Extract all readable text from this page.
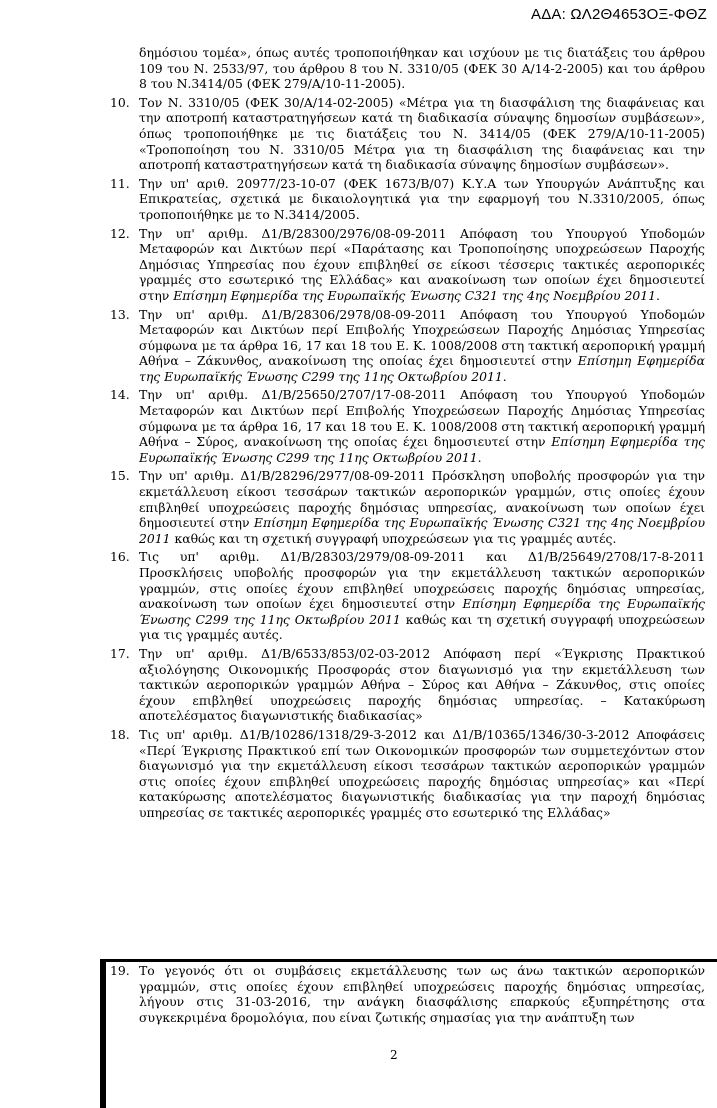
ΑΔΑ: ΩΛ2Θ4653ΟΞ-ΦΘΖ
δημόσιου τομέα», όπως αυτές τροποποιήθηκαν και ισχύουν με τις διατάξεις του άρθρου 109 του Ν. 2533/97, του άρθρου 8 του Ν. 3310/05 (ΦΕΚ 30 Α/14-2-2005) και του άρθρου 8 του Ν.3414/05 (ΦΕΚ 279/Α/10-11-2005).
10. Τον Ν. 3310/05 (ΦΕΚ 30/Α/14-02-2005) «Μέτρα για τη διασφάλιση της διαφάνειας και την αποτροπή καταστρατηγήσεων κατά τη διαδικασία σύναψης δημοσίων συμβάσεων», όπως τροποποιήθηκε με τις διατάξεις του Ν. 3414/05 (ΦΕΚ 279/Α/10-11-2005) «Τροποποίηση του Ν. 3310/05 Μέτρα για τη διασφάλιση της διαφάνειας και την αποτροπή καταστρατηγήσεων κατά τη διαδικασία σύναψης δημοσίων συμβάσεων».
11. Την υπ' αριθ. 20977/23-10-07 (ΦΕΚ 1673/Β/07) Κ.Υ.Α των Υπουργών Ανάπτυξης και Επικρατείας, σχετικά με δικαιολογητικά για την εφαρμογή του Ν.3310/2005, όπως τροποποιήθηκε με το Ν.3414/2005.
12. Την υπ' αριθμ. Δ1/Β/28300/2976/08-09-2011 Απόφαση του Υπουργού Υποδομών Μεταφορών και Δικτύων περί «Παράτασης και Τροποποίησης υποχρεώσεων Παροχής Δημόσιας Υπηρεσίας που έχουν επιβληθεί σε είκοσι τέσσερις τακτικές αεροπορικές γραμμές στο εσωτερικό της Ελλάδας» και ανακοίνωση των οποίων έχει δημοσιευτεί στην Επίσημη Εφημερίδα της Ευρωπαϊκής Ένωσης C321 της 4ης Νοεμβρίου 2011.
13. Την υπ' αριθμ. Δ1/Β/28306/2978/08-09-2011 Απόφαση του Υπουργού Υποδομών Μεταφορών και Δικτύων περί Επιβολής Υποχρεώσεων Παροχής Δημόσιας Υπηρεσίας σύμφωνα με τα άρθρα 16, 17 και 18 του Ε. Κ. 1008/2008 στη τακτική αεροπορική γραμμή Αθήνα – Ζάκυνθος, ανακοίνωση της οποίας έχει δημοσιευτεί στην Επίσημη Εφημερίδα της Ευρωπαϊκής Ένωσης C299 της 11ης Οκτωβρίου 2011.
14. Την υπ' αριθμ. Δ1/Β/25650/2707/17-08-2011 Απόφαση του Υπουργού Υποδομών Μεταφορών και Δικτύων περί Επιβολής Υποχρεώσεων Παροχής Δημόσιας Υπηρεσίας σύμφωνα με τα άρθρα 16, 17 και 18 του Ε. Κ. 1008/2008 στη τακτική αεροπορική γραμμή Αθήνα – Σύρος, ανακοίνωση της οποίας έχει δημοσιευτεί στην Επίσημη Εφημερίδα της Ευρωπαϊκής Ένωσης C299 της 11ης Οκτωβρίου 2011.
15. Την υπ' αριθμ. Δ1/Β/28296/2977/08-09-2011 Πρόσκληση υποβολής προσφορών για την εκμετάλλευση είκοσι τεσσάρων τακτικών αεροπορικών γραμμών, στις οποίες έχουν επιβληθεί υποχρεώσεις παροχής δημόσιας υπηρεσίας, ανακοίνωση των οποίων έχει δημοσιευτεί στην Επίσημη Εφημερίδα της Ευρωπαϊκής Ένωσης C321 της 4ης Νοεμβρίου 2011 καθώς και τη σχετική συγγραφή υποχρεώσεων για τις γραμμές αυτές.
16. Τις υπ' αριθμ. Δ1/Β/28303/2979/08-09-2011 και Δ1/Β/25649/2708/17-8-2011 Προσκλήσεις υποβολής προσφορών για την εκμετάλλευση τακτικών αεροπορικών γραμμών, στις οποίες έχουν επιβληθεί υποχρεώσεις παροχής δημόσιας υπηρεσίας, ανακοίνωση των οποίων έχει δημοσιευτεί στην Επίσημη Εφημερίδα της Ευρωπαϊκής Ένωσης C299 της 11ης Οκτωβρίου 2011 καθώς και τη σχετική συγγραφή υποχρεώσεων για τις γραμμές αυτές.
17. Την υπ' αριθμ. Δ1/Β/6533/853/02-03-2012 Απόφαση περί «Έγκρισης Πρακτικού αξιολόγησης Οικονομικής Προσφοράς στον διαγωνισμό για την εκμετάλλευση των τακτικών αεροπορικών γραμμών Αθήνα – Σύρος και Αθήνα – Ζάκυνθος, στις οποίες έχουν επιβληθεί υποχρεώσεις παροχής δημόσιας υπηρεσίας. – Κατακύρωση αποτελέσματος διαγωνιστικής διαδικασίας»
18. Τις υπ' αριθμ. Δ1/Β/10286/1318/29-3-2012 και Δ1/Β/10365/1346/30-3-2012 Αποφάσεις «Περί Έγκρισης Πρακτικού επί των Οικονομικών προσφορών των συμμετεχόντων στον διαγωνισμό για την εκμετάλλευση είκοσι τεσσάρων τακτικών αεροπορικών γραμμών στις οποίες έχουν επιβληθεί υποχρεώσεις παροχής δημόσιας υπηρεσίας» και «Περί κατακύρωσης αποτελέσματος διαγωνιστικής διαδικασίας για την παροχή δημόσιας υπηρεσίας σε τακτικές αεροπορικές γραμμές στο εσωτερικό της Ελλάδας»
19. Το γεγονός ότι οι συμβάσεις εκμετάλλευσης των ως άνω τακτικών αεροπορικών γραμμών, στις οποίες έχουν επιβληθεί υποχρεώσεις παροχής δημόσιας υπηρεσίας, λήγουν στις 31-03-2016, την ανάγκη διασφάλισης επαρκούς εξυπηρέτησης στα συγκεκριμένα δρομολόγια, που είναι ζωτικής σημασίας για την ανάπτυξη των
2
